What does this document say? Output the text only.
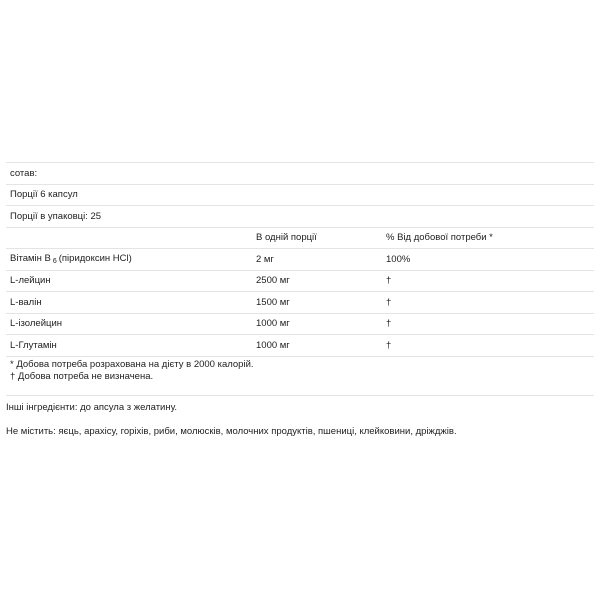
сотав:		
Порції 6 капсул		
Порції в упаковці: 25		
	В одній порції	% Від добової потреби *
Вітамін В $_6$ (піридоксин HCl)	2 мг	100%
L-лейцин	2500 мг	†
L-валін	1500 мг	†
L-ізолейцин	1000 мг	†
L-Глутамін	1000 мг	†
* Добова потреба розрахована на дієту в 2000 калорій.
† Добова потреба не визначена.
Інші інгредієнти: до апсула з желатину.
Не містить: яєць, арахісу, горіхів, риби, молюсків, молочних продуктів, пшениці, клейковини, дріжджів.
